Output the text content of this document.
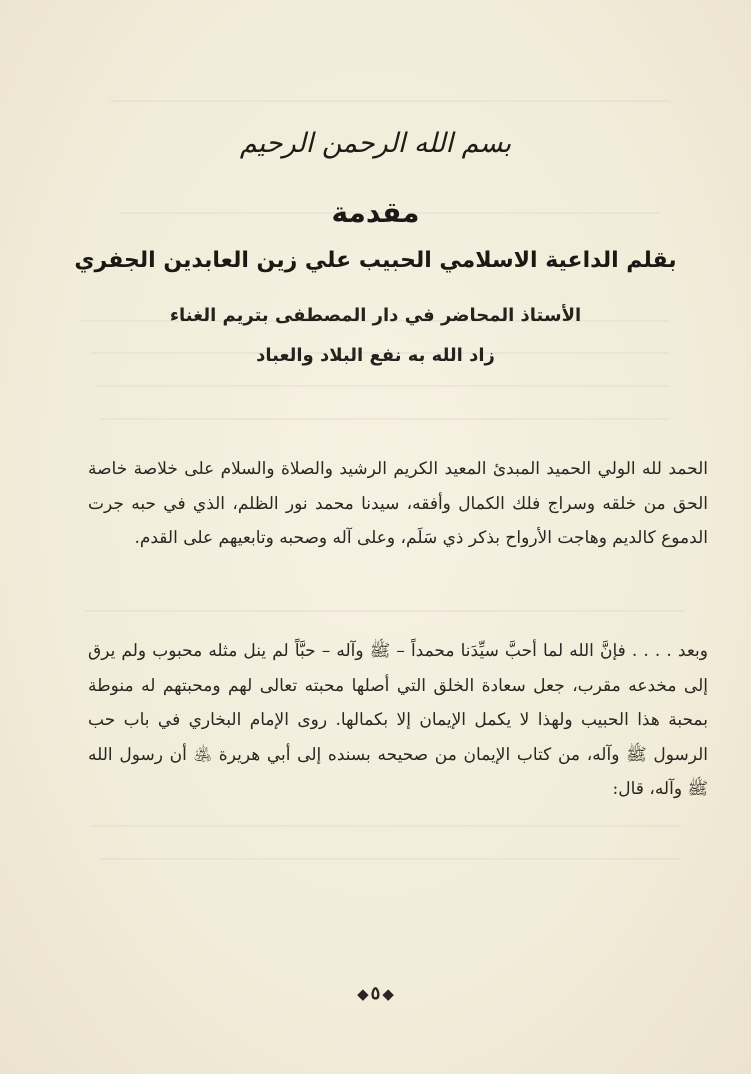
بسم الله الرحمن الرحيم
مقدمة
بقلم الداعية الاسلامي الحبيب علي زين العابدين الجفري
الأستاذ المحاضر في دار المصطفى بتريم الغناء
زاد الله به نفع البلاد والعباد
الحمد لله الولي الحميد المبدئ المعيد الكريم الرشيد والصلاة والسلام على خلاصة خاصة الحق من خلقه وسراج فلك الكمال وأفقه، سيدنا محمد نور الظلم، الذي في حبه جرت الدموع كالديم وهاجت الأرواح بذكر ذي سَلَم، وعلى آله وصحبه وتابعيهم على القدم.
وبعد . . . . فإنَّ الله لما أحبَّ سيِّدَنا محمداً – ﷺ وآله – حبَّاً لم ينل مثله محبوب ولم يرق إلى مخدعه مقرب، جعل سعادة الخلق التي أصلها محبته تعالى لهم ومحبتهم له منوطة بمحبة هذا الحبيب ولهذا لا يكمل الإيمان إلا بكمالها. روى الإمام البخاري في باب حب الرسول ﷺ وآله، من كتاب الإيمان من صحيحه بسنده إلى أبي هريرة ﵁ أن رسول الله ﷺ وآله، قال:
◆ ٥ ◆
